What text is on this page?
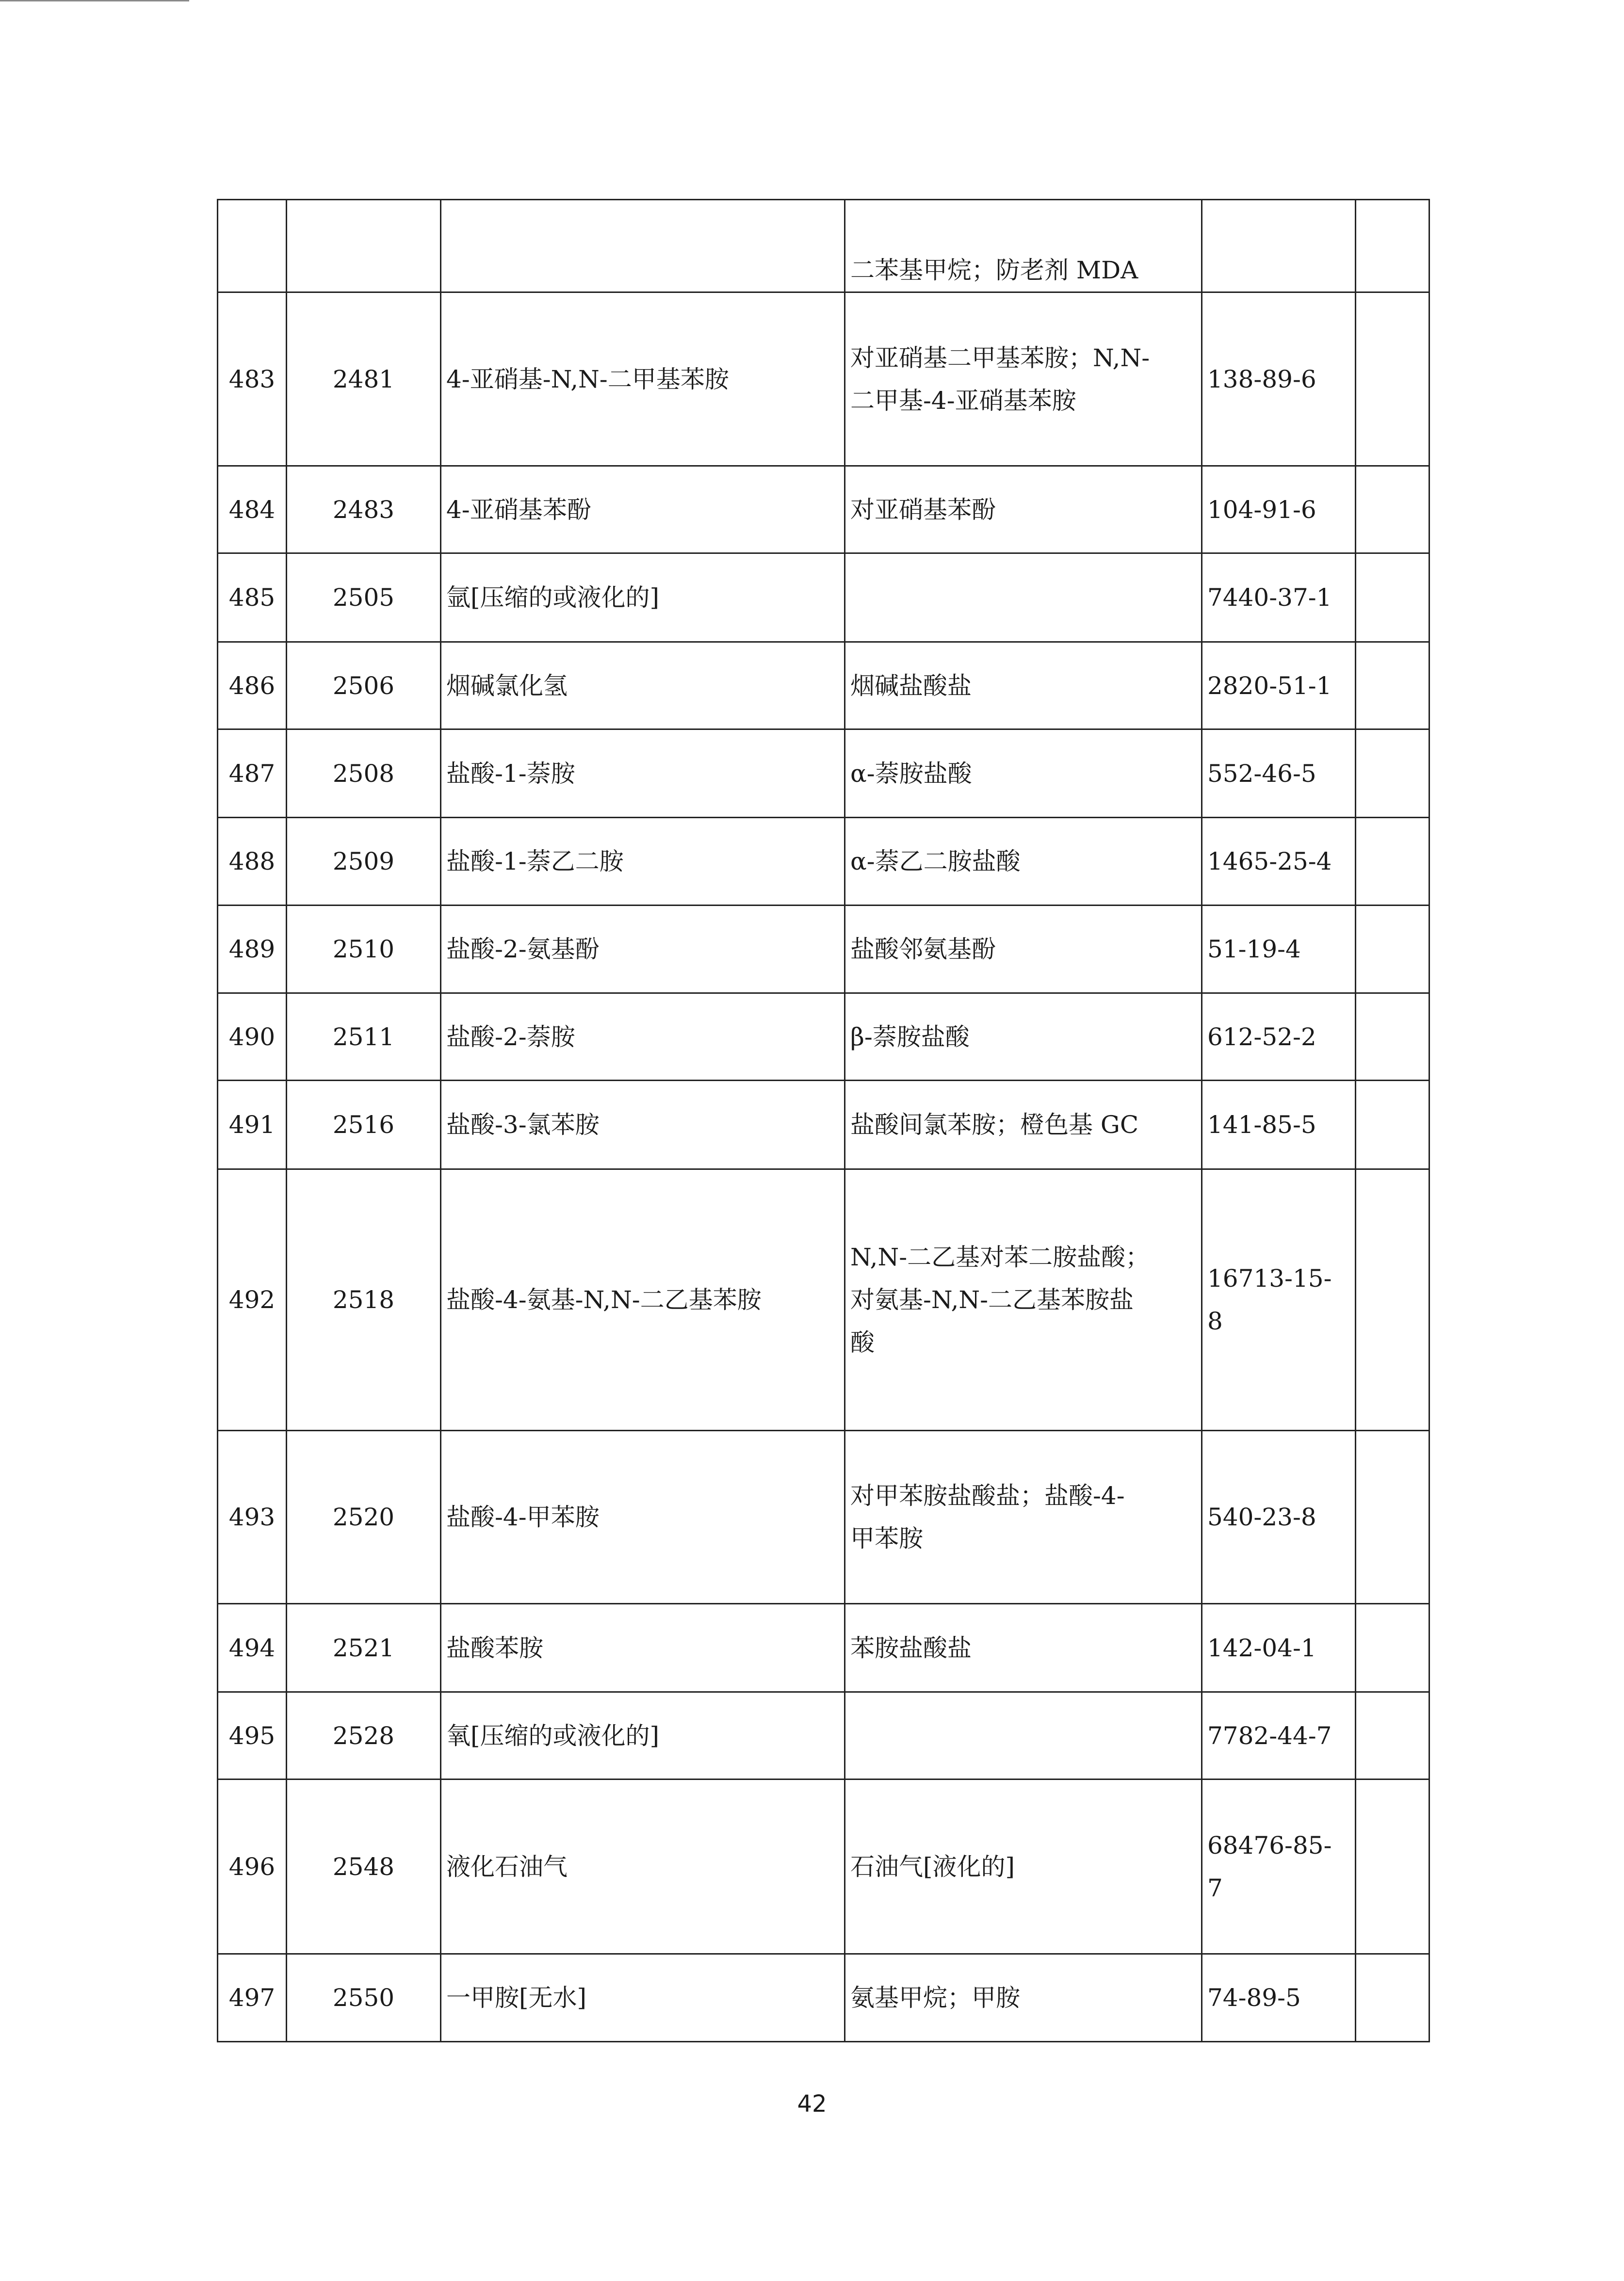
			二苯基甲烷；防老剂 MDA		
483	2481	4-亚硝基-N,N-二甲基苯胺	对亚硝基二甲基苯胺；N,N-
二甲基-4-亚硝基苯胺	138-89-6	
484	2483	4-亚硝基苯酚	对亚硝基苯酚	104-91-6	
485	2505	氩[压缩的或液化的]		7440-37-1	
486	2506	烟碱氯化氢	烟碱盐酸盐	2820-51-1	
487	2508	盐酸-1-萘胺	α-萘胺盐酸	552-46-5	
488	2509	盐酸-1-萘乙二胺	α-萘乙二胺盐酸	1465-25-4	
489	2510	盐酸-2-氨基酚	盐酸邻氨基酚	51-19-4	
490	2511	盐酸-2-萘胺	β-萘胺盐酸	612-52-2	
491	2516	盐酸-3-氯苯胺	盐酸间氯苯胺；橙色基 GC	141-85-5	
492	2518	盐酸-4-氨基-N,N-二乙基苯胺	N,N-二乙基对苯二胺盐酸；
对氨基-N,N-二乙基苯胺盐
酸	16713-15-
8	
493	2520	盐酸-4-甲苯胺	对甲苯胺盐酸盐；盐酸-4-
甲苯胺	540-23-8	
494	2521	盐酸苯胺	苯胺盐酸盐	142-04-1	
495	2528	氧[压缩的或液化的]		7782-44-7	
496	2548	液化石油气	石油气[液化的]	68476-85-
7	
497	2550	一甲胺[无水]	氨基甲烷；甲胺	74-89-5	
42
